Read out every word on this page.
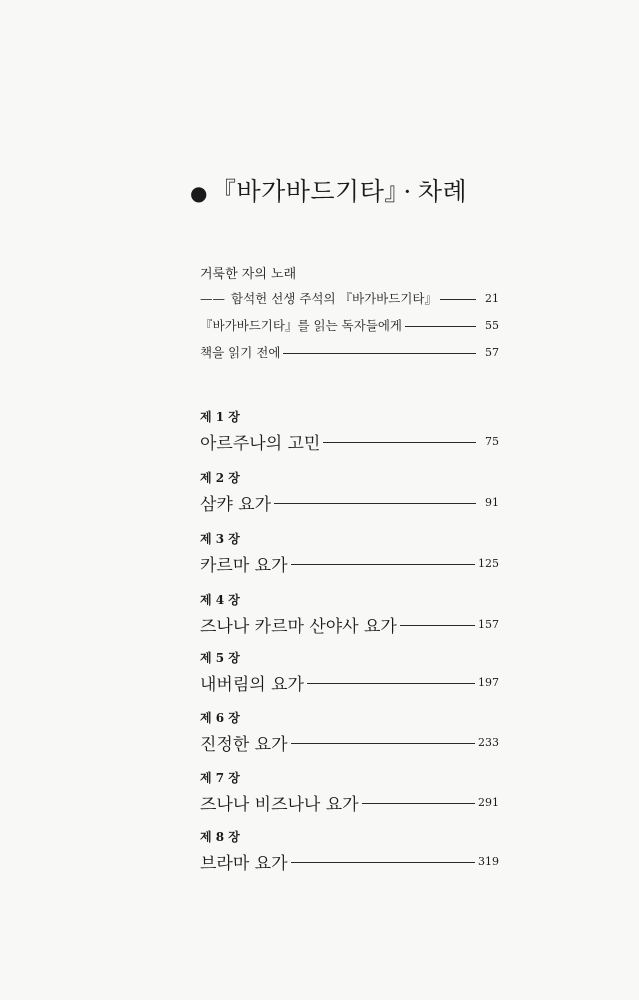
● 『바가바드기타』 · 차례
거룩한 자의 노래
—— 함석헌 선생 주석의 『바가바드기타』	21
『바가바드기타』를 읽는 독자들에게	55
책을 읽기 전에	57
제 1 장
아르주나의 고민	75
제 2 장
삼캬 요가	91
제 3 장
카르마 요가	125
제 4 장
즈나나 카르마 산야사 요가	157
제 5 장
내버림의 요가	197
제 6 장
진정한 요가	233
제 7 장
즈나나 비즈나나 요가	291
제 8 장
브라마 요가	319
